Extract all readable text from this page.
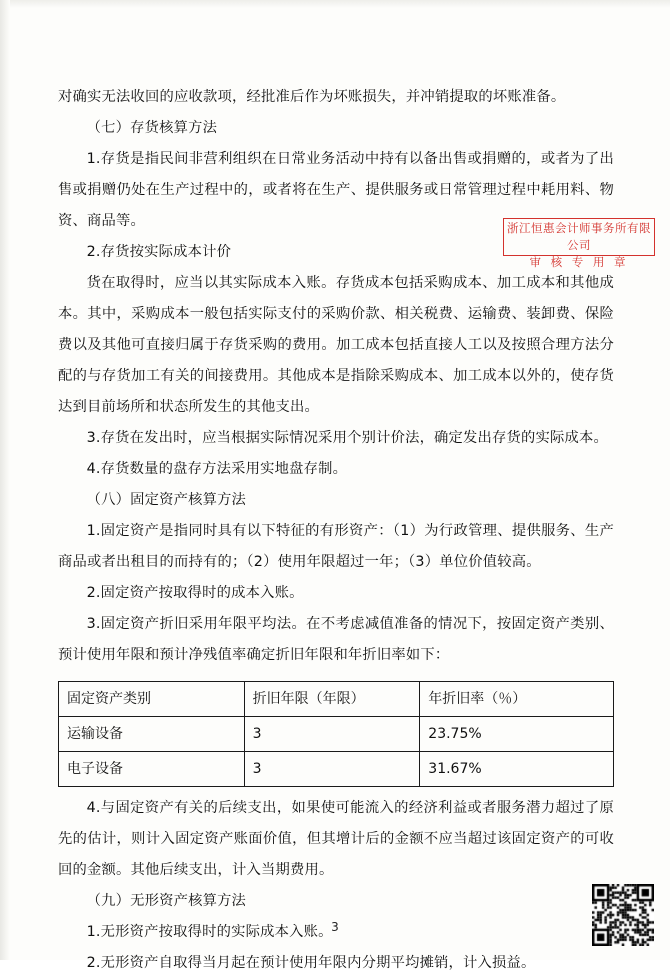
对确实无法收回的应收款项，经批准后作为坏账损失，并冲销提取的坏账准备。

（七）存货核算方法

1.存货是指民间非营利组织在日常业务活动中持有以备出售或捐赠的，或者为了出售或捐赠仍处在生产过程中的，或者将在生产、提供服务或日常管理过程中耗用料、物资、商品等。

2.存货按实际成本计价

货在取得时，应当以其实际成本入账。存货成本包括采购成本、加工成本和其他成本。其中，采购成本一般包括实际支付的采购价款、相关税费、运输费、装卸费、保险费以及其他可直接归属于存货采购的费用。加工成本包括直接人工以及按照合理方法分配的与存货加工有关的间接费用。其他成本是指除采购成本、加工成本以外的，使存货达到目前场所和状态所发生的其他支出。

3.存货在发出时，应当根据实际情况采用个别计价法，确定发出存货的实际成本。

4.存货数量的盘存方法采用实地盘存制。

（八）固定资产核算方法

1.固定资产是指同时具有以下特征的有形资产：（1）为行政管理、提供服务、生产商品或者出租目的而持有的；（2）使用年限超过一年；（3）单位价值较高。

2.固定资产按取得时的成本入账。

3.固定资产折旧采用年限平均法。在不考虑减值准备的情况下，按固定资产类别、预计使用年限和预计净残值率确定折旧年限和年折旧率如下：

固定资产类别	折旧年限（年限）	年折旧率（％）
运输设备	3	23.75%
电子设备	3	31.67%

4.与固定资产有关的后续支出，如果使可能流入的经济利益或者服务潜力超过了原先的估计，则计入固定资产账面价值，但其增计后的金额不应当超过该固定资产的可收回的金额。其他后续支出，计入当期费用。

（九）无形资产核算方法

1.无形资产按取得时的实际成本入账。

2.无形资产自取得当月起在预计使用年限内分期平均摊销，计入损益。

浙江恒惠会计师事务所有限公司
审 核 专 用 章
3
